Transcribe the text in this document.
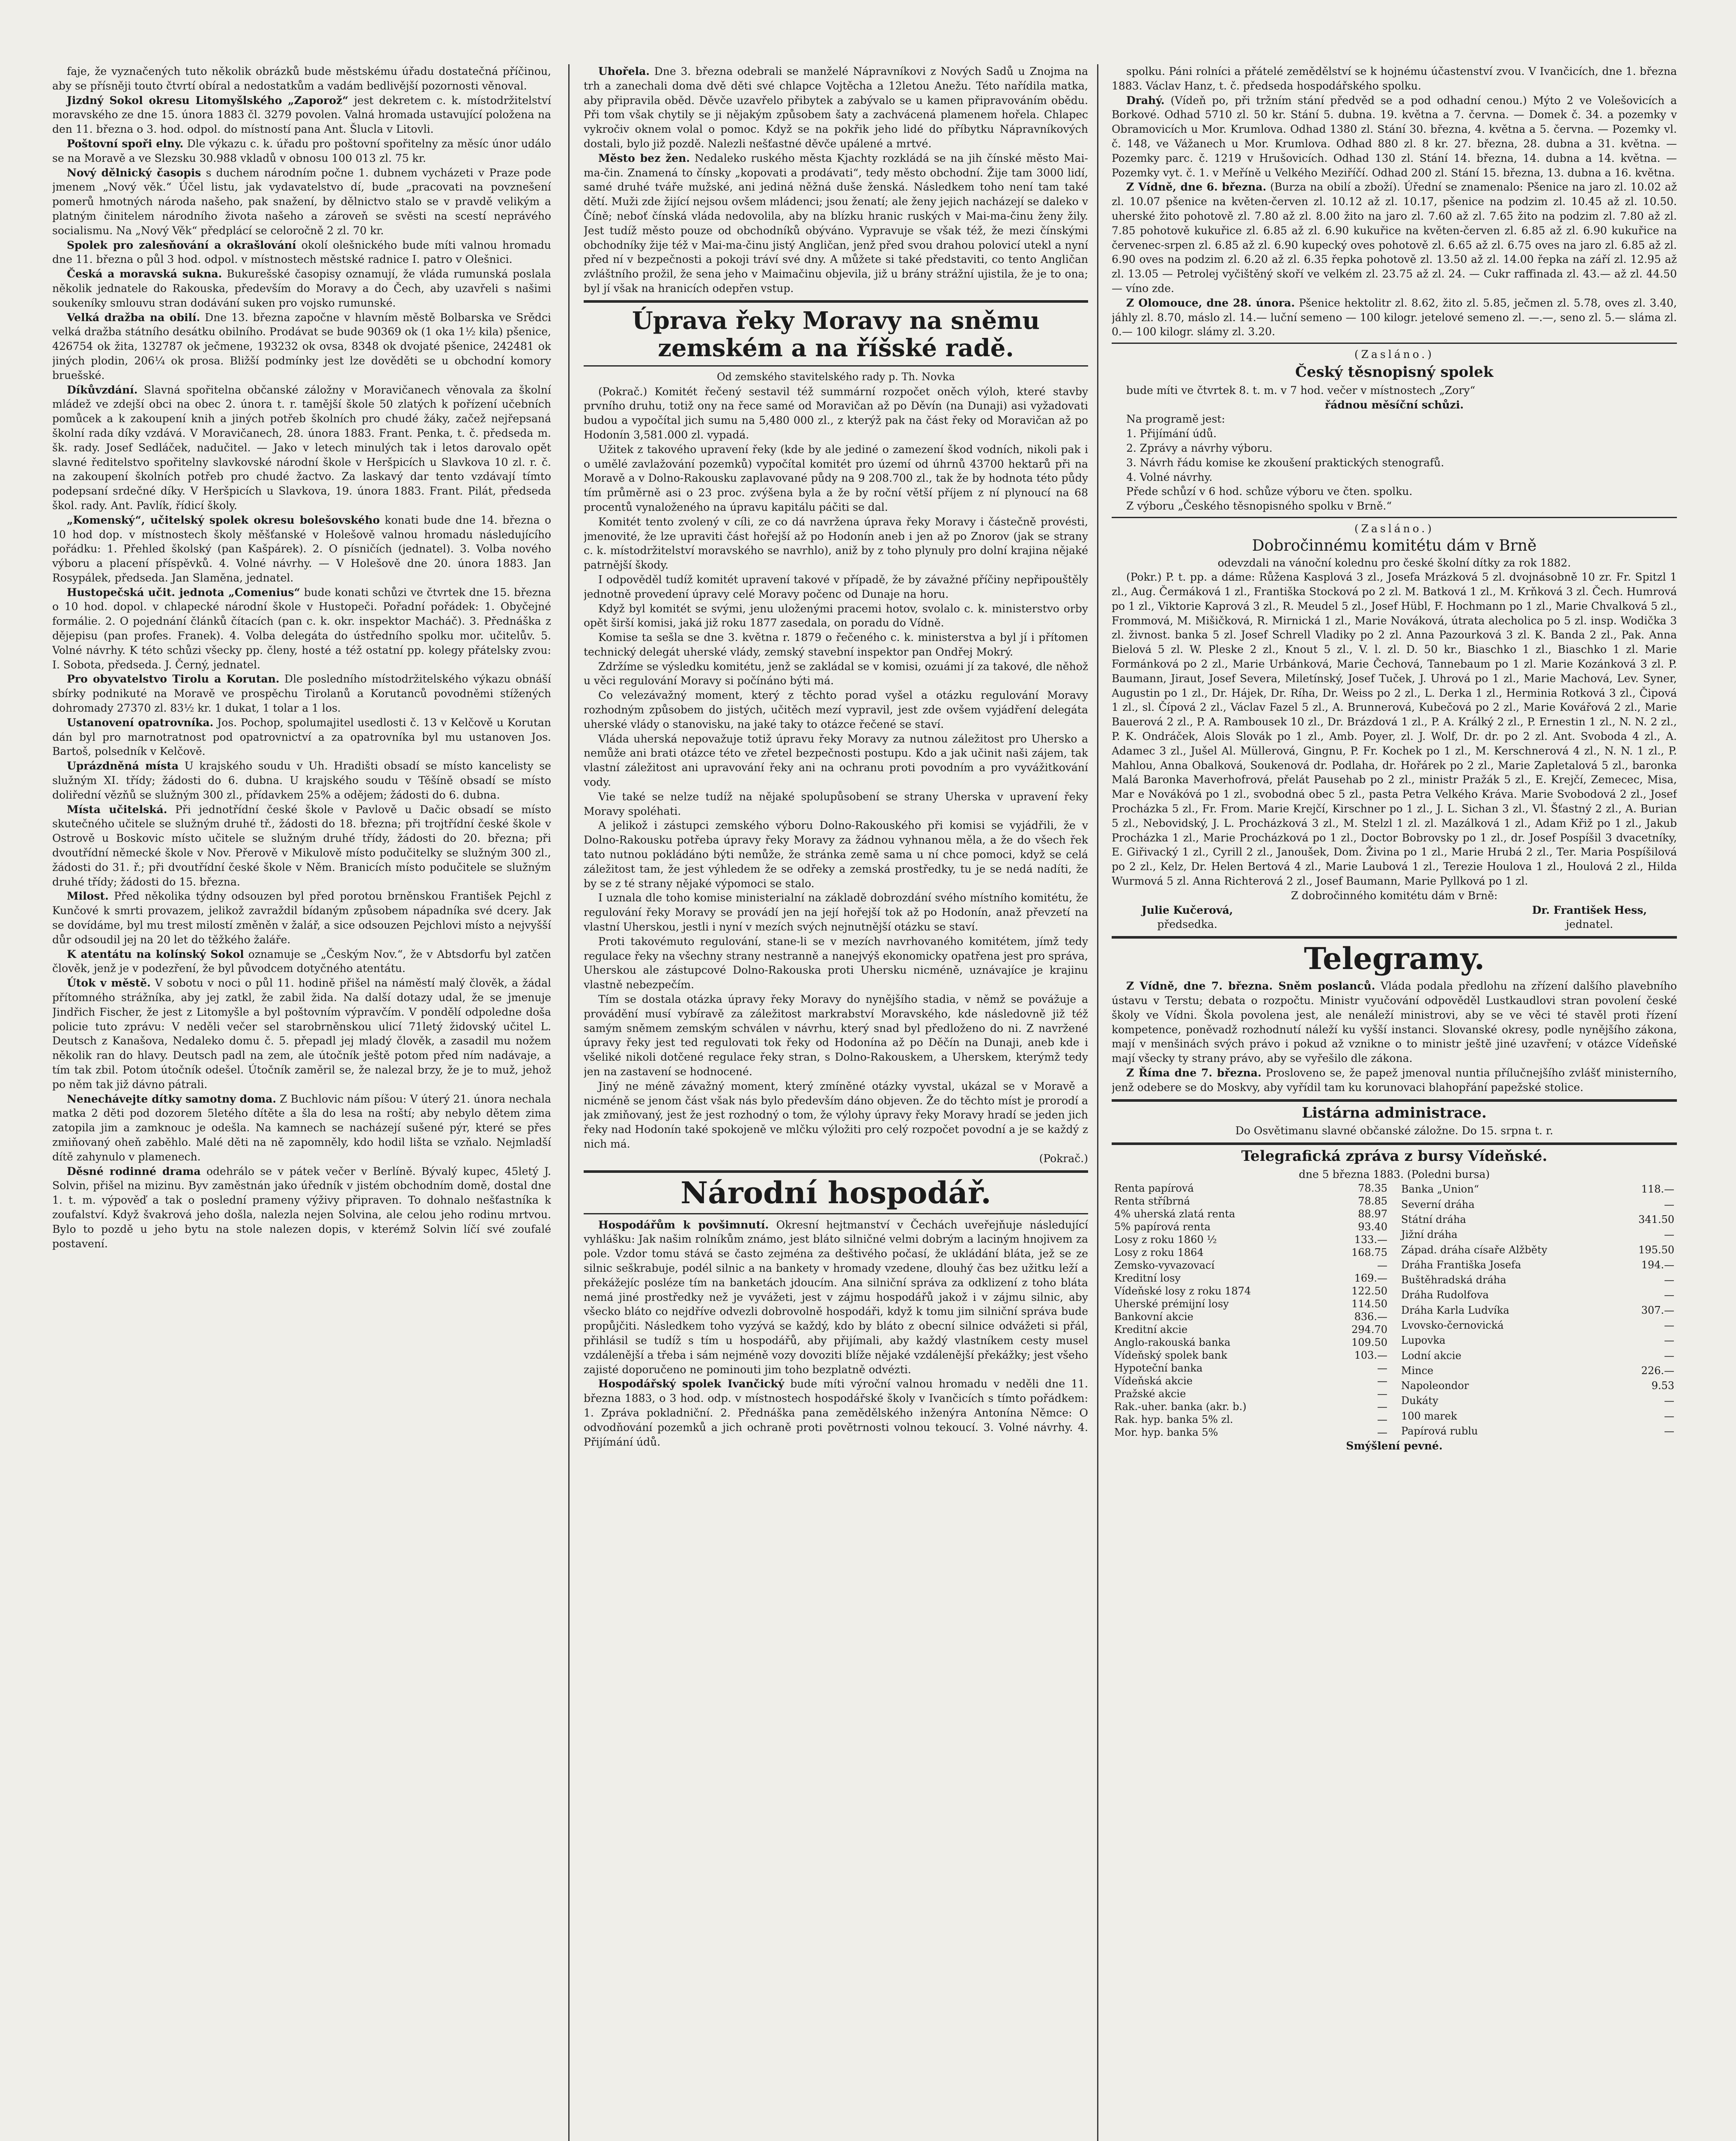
faje, že vyznačených tuto několik obrázků bude městskému úřadu dostatečná příčinou, aby se přísněji touto čtvrtí obíral a nedostatkům a vadám bedlivější pozornosti věnoval.

Jizdný Sokol okresu Litomyšlského „Zaporož“ jest dekretem c. k. místodržitelství moravského ze dne 15. února 1883 čl. 3279 povolen. Valná hromada ustavující položena na den 11. března o 3. hod. odpol. do místností pana Ant. Šlucla v Litovli.

Poštovní spoři elny. Dle výkazu c. k. úřadu pro poštovní spořitelny za měsíc únor událo se na Moravě a ve Slezsku 30.988 vkladů v obnosu 100 013 zl. 75 kr.

Nový dělnický časopis s duchem národním počne 1. dubnem vycházeti v Praze pode jmenem „Nový věk.“ Účel listu, jak vydavatelstvo dí, bude „pracovati na povznešení pomerů hmotných národa našeho, pak snažení, by dělnictvo stalo se v pravdě velikým a platným činitelem národního života našeho a zároveň se svěsti na scestí neprávého socialismu. Na „Nový Věk“ předplácí se celoročně 2 zl. 70 kr.

Spolek pro zalesňování a okrašlování okolí olešnického bude míti valnou hromadu dne 11. března o půl 3 hod. odpol. v místnostech městské radnice I. patro v Olešnici.

Česká a moravská sukna. Bukurešské časopisy oznamují, že vláda rumunská poslala několik jednatele do Rakouska, především do Moravy a do Čech, aby uzavřeli s našimi soukeníky smlouvu stran dodávání suken pro vojsko rumunské.

Velká dražba na obilí. Dne 13. března započne v hlavním městě Bolbarska ve Srědci velká dražba státního desátku obilního. Prodávat se bude 90369 ok (1 oka 1½ kila) pšenice, 426754 ok žita, 132787 ok ječmene, 193232 ok ovsa, 8348 ok dvojaté pšenice, 242481 ok jiných plodin, 206¼ ok prosa. Bližší podmínky jest lze dověděti se u obchodní komory bruešské.

Díkůvzdání. Slavná spořitelna občanské záložny v Moravičanech věnovala za školní mládež ve zdejší obci na obec 2. února t. r. tamější škole 50 zlatých k pořízení učebních pomůcek a k zakoupení knih a jiných potřeb školních pro chudé žáky, začež nejřepsaná školní rada díky vzdává. V Moravičanech, 28. února 1883. Frant. Penka, t. č. předseda m. šk. rady. Josef Sedláček, nadučitel. — Jako v letech minulých tak i letos darovalo opět slavné ředitelstvo spořitelny slavkovské národní škole v Heršpicích u Slavkova 10 zl. r. č. na zakoupení školních potřeb pro chudé žactvo. Za laskavý dar tento vzdávají tímto podepsaní srdečné díky. V Heršpicích u Slavkova, 19. února 1883. Frant. Pilát, předseda škol. rady. Ant. Pavlík, řídicí školy.

„Komenský“, učitelský spolek okresu bolešovského konati bude dne 14. března o 10 hod dop. v místnostech školy měšťanské v Holešově valnou hromadu následujícího pořádku: 1. Přehled školský (pan Kašpárek). 2. O písničích (jednatel). 3. Volba nového výboru a placení příspěvků. 4. Volné návrhy. — V Holešově dne 20. února 1883. Jan Rosypálek, předseda. Jan Slaměna, jednatel.

Hustopečská učit. jednota „Comenius“ bude konati schůzi ve čtvrtek dne 15. března o 10 hod. dopol. v chlapecké národní škole v Hustopeči. Pořadní pořádek: 1. Obyčejné formálie. 2. O pojednání článků čítacích (pan c. k. okr. inspektor Macháč). 3. Přednáška z dějepisu (pan profes. Franek). 4. Volba delegáta do ústředního spolku mor. učitelův. 5. Volné návrhy. K této schůzi všecky pp. členy, hosté a též ostatní pp. kolegy přátelsky zvou: I. Sobota, předseda. J. Černý, jednatel.

Pro obyvatelstvo Tirolu a Korutan. Dle posledního místodržitelského výkazu obnáší sbírky podnikuté na Moravě ve prospěchu Tirolanů a Korutanců povodněmi stížených dohromady 27370 zl. 83½ kr. 1 dukat, 1 tolar a 1 los.

Ustanovení opatrovníka. Jos. Pochop, spolumajitel usedlosti č. 13 v Kelčově u Korutan dán byl pro marnotratnost pod opatrovnictví a za opatrovníka byl mu ustanoven Jos. Bartoš, polsedník v Kelčově.

Uprázdněná místa U krajského soudu v Uh. Hradišti obsadí se místo kancelisty se služným XI. třídy; žádosti do 6. dubna. U krajského soudu v Těšíně obsadí se místo doliřední vězňů se služným 300 zl., přídavkem 25% a odějem; žádosti do 6. dubna.

Místa učitelská. Při jednotřídní české škole v Pavlově u Dačic obsadí se místo skutečného učitele se služným druhé tř., žádosti do 18. března; při trojtřídní české škole v Ostrově u Boskovic místo učitele se služným druhé třídy, žádosti do 20. března; při dvoutřídní německé škole v Nov. Přerově v Mikulově místo podučitelky se služným 300 zl., žádosti do 31. ř.; při dvoutřídní české škole v Něm. Branicích místo podučitele se služným druhé třídy; žádosti do 15. března.

Milost. Před několika týdny odsouzen byl před porotou brněnskou František Pejchl z Kunčové k smrti provazem, jelikož zavraždil bídaným způsobem nápadníka své dcery. Jak se dovídáme, byl mu trest milostí změněn v žalář, a sice odsouzen Pejchlovi místo a nejvyšší důr odsoudil jej na 20 let do těžkého žaláře.

K atentátu na kolínský Sokol oznamuje se „Českým Nov.“, že v Abtsdorfu byl zatčen člověk, jenž je v podezření, že byl původcem dotyčného atentátu.

Útok v městě. V sobotu v noci o půl 11. hodině přišel na náměstí malý člověk, a žádal přítomného strážníka, aby jej zatkl, že zabil žida. Na další dotazy udal, že se jmenuje Jindřich Fischer, že jest z Litomyšle a byl poštovním výpravčím. V pondělí odpoledne doša policie tuto zprávu: V neděli večer sel starobrněnskou ulicí 71letý židovský učitel L. Deutsch z Kanašova, Nedaleko domu č. 5. přepadl jej mladý člověk, a zasadil mu nožem několik ran do hlavy. Deutsch padl na zem, ale útočník ještě potom před ním nadávaje, a tím tak zbil. Potom útočník odešel. Útočník zaměril se, že nalezal brzy, že je to muž, jehož po něm tak již dávno pátrali.

Nenechávejte dítky samotny doma. Z Buchlovic nám píšou: V úterý 21. února nechala matka 2 děti pod dozorem 5letého dítěte a šla do lesa na roští; aby nebylo dětem zima zatopila jim a zamknouc je odešla. Na kamnech se nacházejí sušené pýr, které se přes zmiňovaný oheň zaběhlo. Malé děti na ně zapomněly, kdo hodil lišta se vzňalo. Nejmladší dítě zahynulo v plamenech.

Děsné rodinné drama odehrálo se v pátek večer v Berlíně. Bývalý kupec, 45letý J. Solvin, přišel na mizinu. Byv zaměstnán jako úředník v jistém obchodním domě, dostal dne 1. t. m. výpověď a tak o poslední prameny výživy připraven. To dohnalo nešťastníka k zoufalství. Když švakrová jeho došla, nalezla nejen Solvina, ale celou jeho rodinu mrtvou. Bylo to pozdě u jeho bytu na stole nalezen dopis, v kterémž Solvin líčí své zoufalé postavení.

Uhořela. Dne 3. března odebrali se manželé Nápravníkovi z Nových Sadů u Znojma na trh a zanechali doma dvě děti své chlapce Vojtěcha a 12letou Anežu. Této nařídila matka, aby připravila oběd. Děvče uzavřelo přibytek a zabývalo se u kamen připravováním obědu. Při tom však chytily se ji nějakým způsobem šaty a zachvácená plamenem hořela. Chlapec vykročiv oknem volal o pomoc. Když se na pokřik jeho lidé do příbytku Nápravníkových dostali, bylo již pozdě. Nalezli nešťastné děvče upálené a mrtvé.

Město bez žen. Nedaleko ruského města Kjachty rozkládá se na jih čínské město Mai-ma-čin. Znamená to čínsky „kopovati a prodávati“, tedy město obchodní. Žije tam 3000 lidí, samé druhé tváře mužské, ani jediná něžná duše ženská. Následkem toho není tam také dětí. Muži zde žijící nejsou ovšem mládenci; jsou ženatí; ale ženy jejich nacházejí se daleko v Číně; neboť čínská vláda nedovolila, aby na blízku hranic ruských v Mai-ma-činu ženy žily. Jest tudíž město pouze od obchodníků obýváno. Vypravuje se však též, že mezi čínskými obchodníky žije též v Mai-ma-činu jistý Angličan, jenž před svou drahou polovicí utekl a nyní před ní v bezpečnosti a pokoji tráví své dny. A můžete si také představiti, co tento Angličan zvláštního prožil, že sena jeho v Maimačinu objevila, již u brány strážní ujistila, že je to ona; byl jí však na hranicích odepřen vstup.

Úprava řeky Moravy na sněmu zemském a na říšské radě.

Od zemského stavitelského rady p. Th. Novka

(Pokrač.) Komitét řečený sestavil též summární rozpočet oněch výloh, které stavby prvního druhu, totiž ony na řece samé od Moravičan až po Děvín (na Dunaji) asi vyžadovati budou a vypočítal jich sumu na 5,480 000 zl., z kterýž pak na část řeky od Moravičan až po Hodonín 3,581.000 zl. vypadá.

Užitek z takového upravení řeky (kde by ale jediné o zamezení škod vodních, nikoli pak i o umělé zavlažování pozemků) vypočítal komitét pro území od úhrnů 43700 hektarů při na Moravě a v Dolno-Rakousku zaplavované půdy na 9 208.700 zl., tak že by hodnota této půdy tím průměrně asi o 23 proc. zvýšena byla a že by roční větší příjem z ní plynoucí na 68 procentů vynaloženého na úpravu kapitálu páčiti se dal.

Komitét tento zvolený v cíli, ze co dá navržena úprava řeky Moravy i částečně provésti, jmenovité, že lze upraviti část hořejší až po Hodonín aneb i jen až po Znorov (jak se strany c. k. místodržitelství moravského se navrhlo), aniž by z toho plynuly pro dolní krajina nějaké patrnější škody.

I odpověděl tudíž komitét upravení takové v případě, že by závažné příčiny nepřipouštěly jednotně provedení úpravy celé Moravy počenc od Dunaje na horu.

Když byl komitét se svými, jenu uloženými pracemi hotov, svolalo c. k. ministerstvo orby opět širší komisi, jaká již roku 1877 zasedala, on poradu do Vídně.

Komise ta sešla se dne 3. května r. 1879 o řečeného c. k. ministerstva a byl jí i přítomen technický delegát uherské vlády, zemský stavební inspektor pan Ondřej Mokrý.

Zdržíme se výsledku komitétu, jenž se zakládal se v komisi, ozuámi jí za takové, dle něhož u věci regulování Moravy si počínáno býti má.

Co velezávažný moment, který z těchto porad vyšel a otázku regulování Moravy rozhodným způsobem do jistých, učitěch mezí vypravil, jest zde ovšem vyjádření delegáta uherské vlády o stanovisku, na jaké taky to otázce řečené se staví.

Vláda uherská nepovažuje totiž úpravu řeky Moravy za nutnou záležitost pro Uhersko a nemůže ani brati otázce této ve zřetel bezpečnosti postupu. Kdo a jak učinit naši zájem, tak vlastní záležitost ani upravování řeky ani na ochranu proti povodním a pro vyvážitkování vody.

Vie také se nelze tudíž na nějaké spolupůsobení se strany Uherska v upravení řeky Moravy spoléhati.

A jelikož i zástupci zemského výboru Dolno-Rakouského při komisi se vyjádřili, že v Dolno-Rakousku potřeba úpravy řeky Moravy za žádnou vyhnanou měla, a že do všech řek tato nutnou pokládáno býti nemůže, že stránka země sama u ní chce pomoci, když se celá záležitost tam, že jest výhledem že se odřeky a zemská prostředky, tu je se nedá nadíti, že by se z té strany nějaké výpomoci se stalo.

I uznala dle toho komise ministerialní na základě dobrozdání svého místního komitétu, že regulování řeky Moravy se provádí jen na její hořejší tok až po Hodonín, anaž převzetí na vlastní Uherskou, jestli i nyní v mezích svých nejnutnější otázku se staví.

Proti takovémuto regulování, stane-li se v mezích navrhovaného komitétem, jímž tedy regulace řeky na všechny strany nestranně a nanejvýš ekonomicky opatřena jest pro správa, Uherskou ale zástupcové Dolno-Rakouska proti Uhersku nicméně, uznávajíce je krajinu vlastně nebezpečím.

Tím se dostala otázka úpravy řeky Moravy do nynějšího stadia, v němž se povážuje a provádění musí vybíravě za záležitost markrabství Moravského, kde následovně již též samým sněmem zemským schválen v návrhu, který snad byl předloženo do ni. Z navržené úpravy řeky jest ted regulovati tok řeky od Hodonína až po Děčín na Dunaji, aneb kde i všeliké nikoli dotčené regulace řeky stran, s Dolno-Rakouskem, a Uherskem, kterýmž tedy jen na zastavení se hodnocené.

Jiný ne méně závažný moment, který zmíněné otázky vyvstal, ukázal se v Moravě a nicméně se jenom část však nás bylo především dáno objeven. Že do těchto míst je prorodí a jak zmiňovaný, jest že jest rozhodný o tom, že výlohy úpravy řeky Moravy hradí se jeden jich řeky nad Hodonín také spokojeně ve mlčku výložiti pro celý rozpočet povodní a je se každý z nich má.

(Pokrač.)

Národní hospodář.

Hospodářům k povšimnutí. Okresní hejtmanství v Čechách uveřejňuje následující vyhlášku: Jak našim rolníkům známo, jest bláto silničné velmi dobrým a laciným hnojivem za pole. Vzdor tomu stává se často zejména za deštivého počasí, že ukládání bláta, jež se ze silnic seškrabuje, podél silnic a na bankety v hromady vzedene, dlouhý čas bez užitku leží a překážejíc posléze tím na banketách jdoucím. Ana silniční správa za odklizení z toho bláta nemá jiné prostředky než je vyvážeti, jest v zájmu hospodářů jakož i v zájmu silnic, aby všecko bláto co nejdříve odvezli dobrovolně hospodáři, když k tomu jim silniční správa bude propůjčiti. Následkem toho vyzývá se každý, kdo by bláto z obecní silnice odvážeti si přál, přihlásil se tudíž s tím u hospodářů, aby přijímali, aby každý vlastníkem cesty musel vzdálenější a třeba i sám nejméně vozy dovoziti blíže nějaké vzdálenější překážky; jest všeho zajisté doporučeno ne pominouti jim toho bezplatně odvézti.

Hospodářský spolek Ivančický bude míti výroční valnou hromadu v neděli dne 11. března 1883, o 3 hod. odp. v místnostech hospodářské školy v Ivančicích s tímto pořádkem: 1. Zpráva pokladniční. 2. Přednáška pana zemědělského inženýra Antonína Němce: O odvodňování pozemků a jich ochraně proti povětrnosti volnou tekoucí. 3. Volné návrhy. 4. Přijímání údů.

spolku. Páni rolníci a přátelé zemědělství se k hojnému účastenství zvou. V Ivančicích, dne 1. března 1883. Václav Hanz, t. č. předseda hospodářského spolku.

Drahý. (Vídeň po, při tržním stání předvěd se a pod odhadní cenou.) Mýto 2 ve Volešovicích a Borkové. Odhad 5710 zl. 50 kr. Stání 5. dubna. 19. května a 7. června. — Domek č. 34. a pozemky v Obramovicích u Mor. Krumlova. Odhad 1380 zl. Stání 30. března, 4. května a 5. června. — Pozemky vl. č. 148, ve Vážanech u Mor. Krumlova. Odhad 880 zl. 8 kr. 27. března, 28. dubna a 31. května. — Pozemky parc. č. 1219 v Hrušovicích. Odhad 130 zl. Stání 14. března, 14. dubna a 14. května. — Pozemky vyt. č. 1. v Meříně u Velkého Meziříčí. Odhad 200 zl. Stání 15. března, 13. dubna a 16. května.

Z Vídně, dne 6. března. (Burza na obilí a zboží). Úřední se znamenalo: Pšenice na jaro zl. 10.02 až zl. 10.07 pšenice na květen-červen zl. 10.12 až zl. 10.17, pšenice na podzim zl. 10.45 až zl. 10.50. uherské žito pohotově zl. 7.80 až zl. 8.00 žito na jaro zl. 7.60 až zl. 7.65 žito na podzim zl. 7.80 až zl. 7.85 pohotově kukuřice zl. 6.85 až zl. 6.90 kukuřice na květen-červen zl. 6.85 až zl. 6.90 kukuřice na červenec-srpen zl. 6.85 až zl. 6.90 kupecký oves pohotově zl. 6.65 až zl. 6.75 oves na jaro zl. 6.85 až zl. 6.90 oves na podzim zl. 6.20 až zl. 6.35 řepka pohotově zl. 13.50 až zl. 14.00 řepka na září zl. 12.95 až zl. 13.05 — Petrolej vyčištěný skoří ve velkém zl. 23.75 až zl. 24. — Cukr raffinada zl. 43.— až zl. 44.50 — víno zde.

Z Olomouce, dne 28. února. Pšenice hektolitr zl. 8.62, žito zl. 5.85, ječmen zl. 5.78, oves zl. 3.40, jáhly zl. 8.70, máslo zl. 14.— luční semeno — 100 kilogr. jetelové semeno zl. —.—, seno zl. 5.— sláma zl. 0.— 100 kilogr. slámy zl. 3.20.

(Zasláno.)

Český těsnopisný spolek

bude míti ve čtvrtek 8. t. m. v 7 hod. večer v místnostech „Zory“

řádnou měsíční schůzi.

Na programě jest:

1. Přijímání údů.

2. Zprávy a návrhy výboru.

3. Návrh řádu komise ke zkoušení praktických stenografů.

4. Volné návrhy.

Přede schůzí v 6 hod. schůze výboru ve čten. spolku.

Z výboru „Českého těsnopisného spolku v Brně.“

(Zasláno.)

Dobročinnému komitétu dám v Brně

odevzdali na vánoční kolednu pro české školní dítky za rok 1882.

(Pokr.) P. t. pp. a dáme: Růžena Kasplová 3 zl., Josefa Mrázková 5 zl. dvojnásobně 10 zr. Fr. Spitzl 1 zl., Aug. Čermáková 1 zl., Františka Stocková po 2 zl. M. Batková 1 zl., M. Krňková 3 zl. Čech. Humrová po 1 zl., Viktorie Kaprová 3 zl., R. Meudel 5 zl., Josef Hübl, F. Hochmann po 1 zl., Marie Chvalková 5 zl., Frommová, M. Mišičková, R. Mirnická 1 zl., Marie Nováková, útrata alecholica po 5 zl. insp. Wodička 3 zl. živnost. banka 5 zl. Josef Schrell Vladiky po 2 zl. Anna Pazourková 3 zl. K. Banda 2 zl., Pak. Anna Bielová 5 zl. W. Pleske 2 zl., Knout 5 zl., V. l. zl. D. 50 kr., Biaschko 1 zl., Biaschko 1 zl. Marie Formánková po 2 zl., Marie Urbánková, Marie Čechová, Tannebaum po 1 zl. Marie Kozánková 3 zl. P. Baumann, Jiraut, Josef Severa, Miletínský, Josef Tuček, J. Uhrová po 1 zl., Marie Machová, Lev. Syner, Augustin po 1 zl., Dr. Hájek, Dr. Ríha, Dr. Weiss po 2 zl., L. Derka 1 zl., Herminia Rotková 3 zl., Čipová 1 zl., sl. Čípová 2 zl., Václav Fazel 5 zl., A. Brunnerová, Kubečová po 2 zl., Marie Kovářová 2 zl., Marie Bauerová 2 zl., P. A. Rambousek 10 zl., Dr. Brázdová 1 zl., P. A. Králký 2 zl., P. Ernestin 1 zl., N. N. 2 zl., P. K. Ondráček, Alois Slovák po 1 zl., Amb. Poyer, zl. J. Wolf, Dr. dr. po 2 zl. Ant. Svoboda 4 zl., A. Adamec 3 zl., Jušel Al. Müllerová, Gingnu, P. Fr. Kochek po 1 zl., M. Kerschnerová 4 zl., N. N. 1 zl., P. Mahlou, Anna Obalková, Soukenová dr. Podlaha, dr. Hořárek po 2 zl., Marie Zapletalová 5 zl., baronka Malá Baronka Maverhofrová, přelát Pausehab po 2 zl., ministr Pražák 5 zl., E. Krejčí, Zemecec, Misa, Mar e Novákóvá po 1 zl., svobodná obec 5 zl., pasta Petra Velkého Kráva. Marie Svobodová 2 zl., Josef Procházka 5 zl., Fr. From. Marie Krejčí, Kirschner po 1 zl., J. L. Sichan 3 zl., Vl. Šťastný 2 zl., A. Burian 5 zl., Nebovidský, J. L. Procházková 3 zl., M. Stelzl 1 zl. zl. Mazálková 1 zl., Adam Křiž po 1 zl., Jakub Procházka 1 zl., Marie Procházková po 1 zl., Doctor Bobrovsky po 1 zl., dr. Josef Pospíšil 3 dvacetníky, E. Giřivacký 1 zl., Cyrill 2 zl., Janoušek, Dom. Živina po 1 zl., Marie Hrubá 2 zl., Ter. Maria Pospíšilová po 2 zl., Kelz, Dr. Helen Bertová 4 zl., Marie Laubová 1 zl., Terezie Houlova 1 zl., Houlová 2 zl., Hilda Wurmová 5 zl. Anna Richterová 2 zl., Josef Baumann, Marie Pyllková po 1 zl.

Z dobročinného komitétu dám v Brně:

Julie Kučerová,
předsedka.
Dr. František Hess,
jednatel.
Telegramy.

Z Vídně, dne 7. března. Sněm poslanců. Vláda podala předlohu na zřízení dalšího plavebního ústavu v Terstu; debata o rozpočtu. Ministr vyučování odpověděl Lustkaudlovi stran povolení české školy ve Vídni. Škola povolena jest, ale nenáleží ministrovi, aby se ve věci té stavěl proti řízení kompetence, poněvadž rozhodnutí náleží ku vyšší instanci. Slovanské okresy, podle nynějšího zákona, mají v menšinách svých právo i pokud až vznikne o to ministr ještě jiné uzavření; v otázce Vídeňské mají všecky ty strany právo, aby se vyřešilo dle zákona.

Z Říma dne 7. března. Prosloveno se, že papež jmenoval nuntia přílučnejšího zvlášť ministerního, jenž odebere se do Moskvy, aby vyřídil tam ku korunovaci blahopřání papežské stolice.

Listárna administrace.

Do Osvětimanu slavné občanské záložne. Do 15. srpna t. r.

Telegrafická zpráva z bursy Vídeňské.

dne 5 března 1883. (Poledni bursa)

Renta papírová	78.35
Renta stříbrná	78.85
4% uherská zlatá renta	88.97
5% papírová renta	93.40
Losy z roku 1860 ½	133.—
Losy z roku 1864	168.75
Zemsko-vyvazovací	—
Kreditní losy	169.—
Vídeňské losy z roku 1874	122.50
Uherské prémijní losy	114.50
Bankovní akcie	836.—
Kreditní akcie	294.70
Anglo-rakouská banka	109.50
Vídeňský spolek bank	103.—
Hypoteční banka	—
Vídeňská akcie	—
Pražské akcie	—
Rak.-uher. banka (akr. b.)	—
Rak. hyp. banka 5% zl.	—
Mor. hyp. banka 5%	—
Banka „Union“	118.—
Severní dráha	—
Státní dráha	341.50
Jižní dráha	—
Západ. dráha císaře Alžběty	195.50
Dráha Františka Josefa	194.—
Buštěhradská dráha	—
Dráha Rudolfova	—
Dráha Karla Ludvíka	307.—
Lvovsko-černovická	—
Lupovka	—
Lodní akcie	—
Mince	226.—
Napoleondor	9.53
Dukáty	—
100 marek	—
Papírová rublu	—

Smýšlení pevné.
